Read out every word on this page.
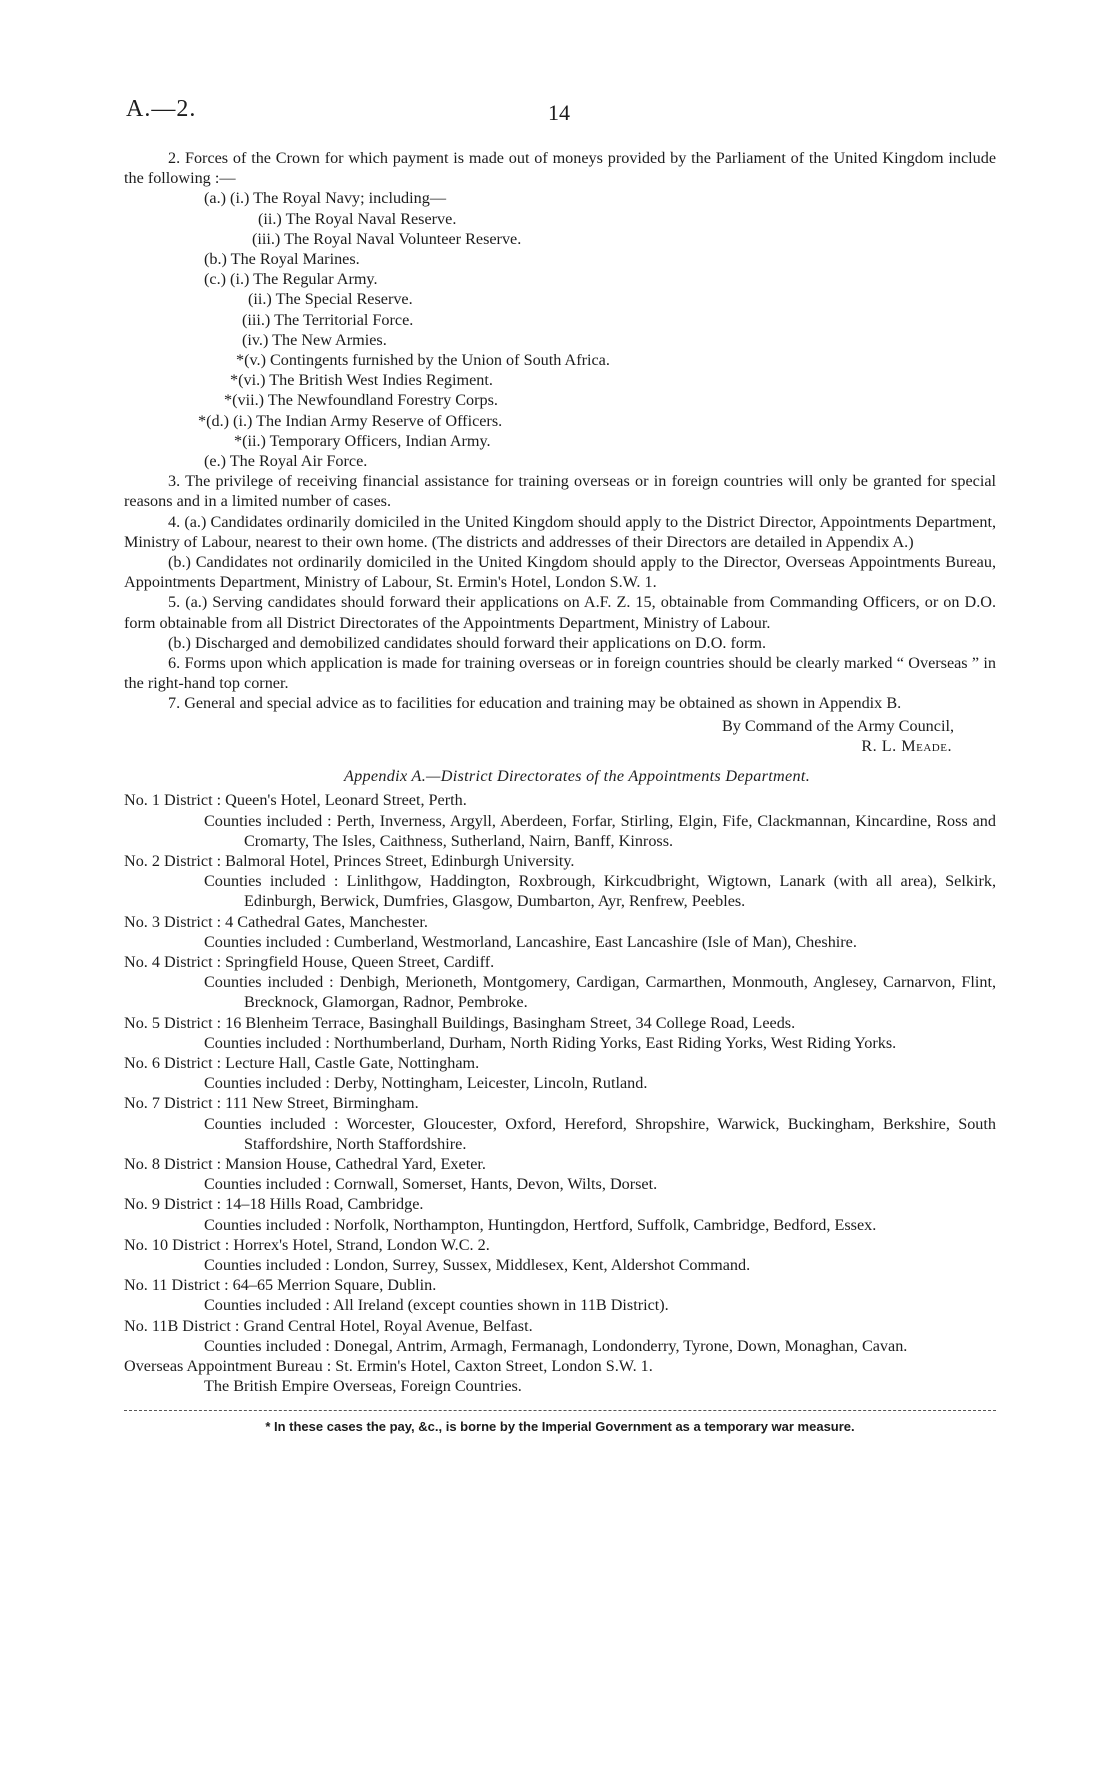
A.—2.	14

2. Forces of the Crown for which payment is made out of moneys provided by the Parliament of the United Kingdom include the following :—

(a.) (i.) The Royal Navy; including—

(ii.) The Royal Naval Reserve.

(iii.) The Royal Naval Volunteer Reserve.

(b.) The Royal Marines.

(c.) (i.) The Regular Army.

(ii.) The Special Reserve.

(iii.) The Territorial Force.

(iv.) The New Armies.

*(v.) Contingents furnished by the Union of South Africa.

*(vi.) The British West Indies Regiment.

*(vii.) The Newfoundland Forestry Corps.

*(d.) (i.) The Indian Army Reserve of Officers.

*(ii.) Temporary Officers, Indian Army.

(e.) The Royal Air Force.

3. The privilege of receiving financial assistance for training overseas or in foreign countries will only be granted for special reasons and in a limited number of cases.

4. (a.) Candidates ordinarily domiciled in the United Kingdom should apply to the District Director, Appointments Department, Ministry of Labour, nearest to their own home. (The districts and addresses of their Directors are detailed in Appendix A.)

(b.) Candidates not ordinarily domiciled in the United Kingdom should apply to the Director, Overseas Appointments Bureau, Appointments Department, Ministry of Labour, St. Ermin's Hotel, London S.W. 1.

5. (a.) Serving candidates should forward their applications on A.F. Z. 15, obtainable from Commanding Officers, or on D.O. form obtainable from all District Directorates of the Appointments Department, Ministry of Labour.

(b.) Discharged and demobilized candidates should forward their applications on D.O. form.

6. Forms upon which application is made for training overseas or in foreign countries should be clearly marked “ Overseas ” in the right-hand top corner.

7. General and special advice as to facilities for education and training may be obtained as shown in Appendix B.

By Command of the Army Council,

R. L. Meade.

Appendix A.—District Directorates of the Appointments Department.

No. 1 District : Queen's Hotel, Leonard Street, Perth.

Counties included : Perth, Inverness, Argyll, Aberdeen, Forfar, Stirling, Elgin, Fife, Clackmannan, Kincardine, Ross and Cromarty, The Isles, Caithness, Sutherland, Nairn, Banff, Kinross.

No. 2 District : Balmoral Hotel, Princes Street, Edinburgh University.

Counties included : Linlithgow, Haddington, Roxbrough, Kirkcudbright, Wigtown, Lanark (with all area), Selkirk, Edinburgh, Berwick, Dumfries, Glasgow, Dumbarton, Ayr, Renfrew, Peebles.

No. 3 District : 4 Cathedral Gates, Manchester.

Counties included : Cumberland, Westmorland, Lancashire, East Lancashire (Isle of Man), Cheshire.

No. 4 District : Springfield House, Queen Street, Cardiff.

Counties included : Denbigh, Merioneth, Montgomery, Cardigan, Carmarthen, Monmouth, Anglesey, Carnarvon, Flint, Brecknock, Glamorgan, Radnor, Pembroke.

No. 5 District : 16 Blenheim Terrace, Basinghall Buildings, Basingham Street, 34 College Road, Leeds.

Counties included : Northumberland, Durham, North Riding Yorks, East Riding Yorks, West Riding Yorks.

No. 6 District : Lecture Hall, Castle Gate, Nottingham.

Counties included : Derby, Nottingham, Leicester, Lincoln, Rutland.

No. 7 District : 111 New Street, Birmingham.

Counties included : Worcester, Gloucester, Oxford, Hereford, Shropshire, Warwick, Buckingham, Berkshire, South Staffordshire, North Staffordshire.

No. 8 District : Mansion House, Cathedral Yard, Exeter.

Counties included : Cornwall, Somerset, Hants, Devon, Wilts, Dorset.

No. 9 District : 14–18 Hills Road, Cambridge.

Counties included : Norfolk, Northampton, Huntingdon, Hertford, Suffolk, Cambridge, Bedford, Essex.

No. 10 District : Horrex's Hotel, Strand, London W.C. 2.

Counties included : London, Surrey, Sussex, Middlesex, Kent, Aldershot Command.

No. 11 District : 64–65 Merrion Square, Dublin.

Counties included : All Ireland (except counties shown in 11B District).

No. 11B District : Grand Central Hotel, Royal Avenue, Belfast.

Counties included : Donegal, Antrim, Armagh, Fermanagh, Londonderry, Tyrone, Down, Monaghan, Cavan.

Overseas Appointment Bureau : St. Ermin's Hotel, Caxton Street, London S.W. 1.

The British Empire Overseas, Foreign Countries.

* In these cases the pay, &c., is borne by the Imperial Government as a temporary war measure.
